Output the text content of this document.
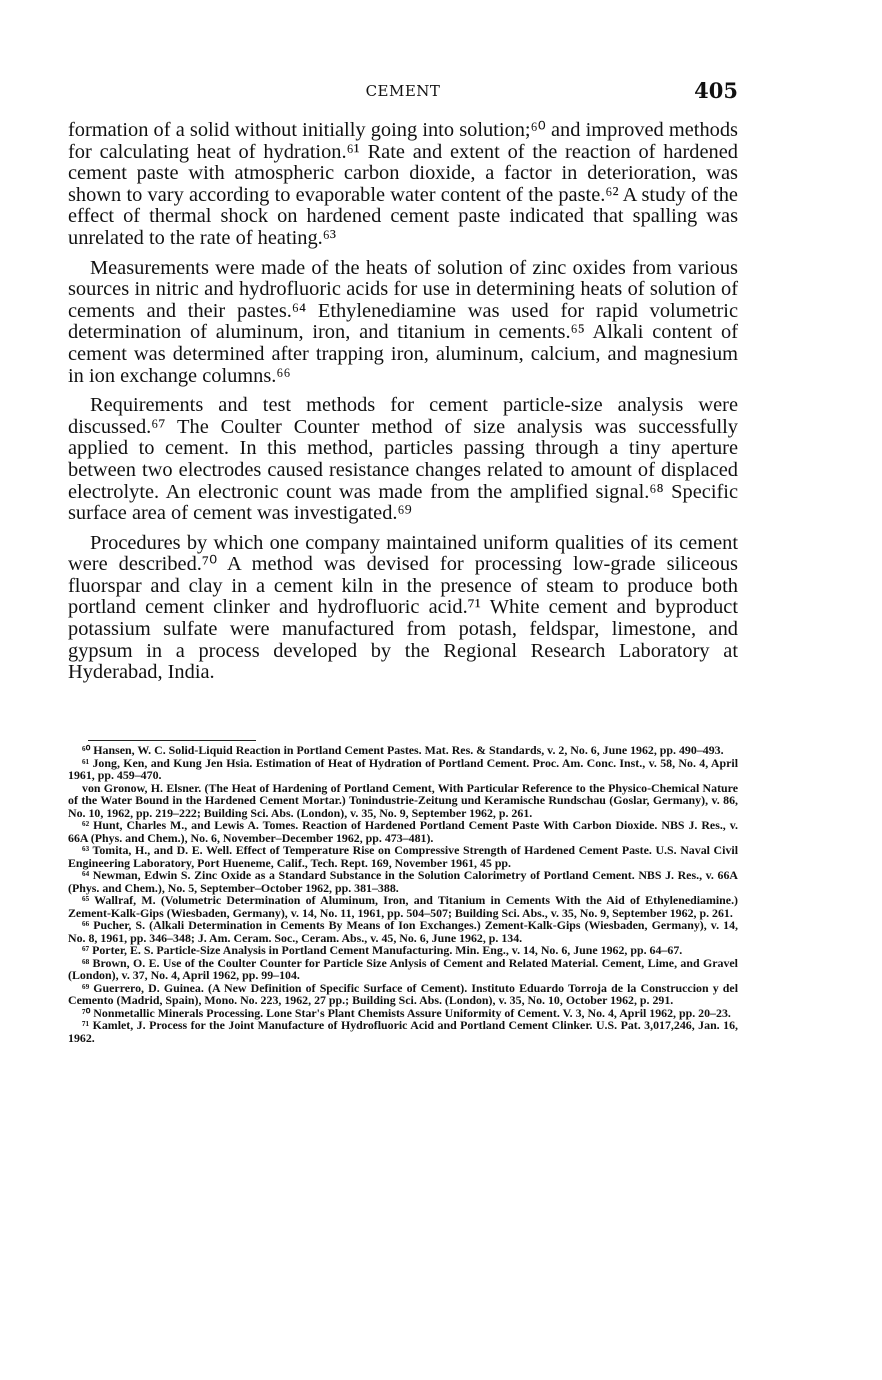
CEMENT	405

formation of a solid without initially going into solution;⁶⁰ and improved methods for calculating heat of hydration.⁶¹ Rate and extent of the reaction of hardened cement paste with atmospheric carbon dioxide, a factor in deterioration, was shown to vary according to evaporable water content of the paste.⁶² A study of the effect of thermal shock on hardened cement paste indicated that spalling was unrelated to the rate of heating.⁶³

Measurements were made of the heats of solution of zinc oxides from various sources in nitric and hydrofluoric acids for use in determining heats of solution of cements and their pastes.⁶⁴ Ethylenediamine was used for rapid volumetric determination of aluminum, iron, and titanium in cements.⁶⁵ Alkali content of cement was determined after trapping iron, aluminum, calcium, and magnesium in ion exchange columns.⁶⁶

Requirements and test methods for cement particle-size analysis were discussed.⁶⁷ The Coulter Counter method of size analysis was successfully applied to cement. In this method, particles passing through a tiny aperture between two electrodes caused resistance changes related to amount of displaced electrolyte. An electronic count was made from the amplified signal.⁶⁸ Specific surface area of cement was investigated.⁶⁹

Procedures by which one company maintained uniform qualities of its cement were described.⁷⁰ A method was devised for processing low-grade siliceous fluorspar and clay in a cement kiln in the presence of steam to produce both portland cement clinker and hydrofluoric acid.⁷¹ White cement and byproduct potassium sulfate were manufactured from potash, feldspar, limestone, and gypsum in a process developed by the Regional Research Laboratory at Hyderabad, India.

⁶⁰ Hansen, W. C. Solid-Liquid Reaction in Portland Cement Pastes. Mat. Res. & Standards, v. 2, No. 6, June 1962, pp. 490–493.

⁶¹ Jong, Ken, and Kung Jen Hsia. Estimation of Heat of Hydration of Portland Cement. Proc. Am. Conc. Inst., v. 58, No. 4, April 1961, pp. 459–470.

von Gronow, H. Elsner. (The Heat of Hardening of Portland Cement, With Particular Reference to the Physico-Chemical Nature of the Water Bound in the Hardened Cement Mortar.) Tonindustrie-Zeitung und Keramische Rundschau (Goslar, Germany), v. 86, No. 10, 1962, pp. 219–222; Building Sci. Abs. (London), v. 35, No. 9, September 1962, p. 261.

⁶² Hunt, Charles M., and Lewis A. Tomes. Reaction of Hardened Portland Cement Paste With Carbon Dioxide. NBS J. Res., v. 66A (Phys. and Chem.), No. 6, November–December 1962, pp. 473–481).

⁶³ Tomita, H., and D. E. Well. Effect of Temperature Rise on Compressive Strength of Hardened Cement Paste. U.S. Naval Civil Engineering Laboratory, Port Hueneme, Calif., Tech. Rept. 169, November 1961, 45 pp.

⁶⁴ Newman, Edwin S. Zinc Oxide as a Standard Substance in the Solution Calorimetry of Portland Cement. NBS J. Res., v. 66A (Phys. and Chem.), No. 5, September–October 1962, pp. 381–388.

⁶⁵ Wallraf, M. (Volumetric Determination of Aluminum, Iron, and Titanium in Cements With the Aid of Ethylenediamine.) Zement-Kalk-Gips (Wiesbaden, Germany), v. 14, No. 11, 1961, pp. 504–507; Building Sci. Abs., v. 35, No. 9, September 1962, p. 261.

⁶⁶ Pucher, S. (Alkali Determination in Cements By Means of Ion Exchanges.) Zement-Kalk-Gips (Wiesbaden, Germany), v. 14, No. 8, 1961, pp. 346–348; J. Am. Ceram. Soc., Ceram. Abs., v. 45, No. 6, June 1962, p. 134.

⁶⁷ Porter, E. S. Particle-Size Analysis in Portland Cement Manufacturing. Min. Eng., v. 14, No. 6, June 1962, pp. 64–67.

⁶⁸ Brown, O. E. Use of the Coulter Counter for Particle Size Anlysis of Cement and Related Material. Cement, Lime, and Gravel (London), v. 37, No. 4, April 1962, pp. 99–104.

⁶⁹ Guerrero, D. Guinea. (A New Definition of Specific Surface of Cement). Instituto Eduardo Torroja de la Construccion y del Cemento (Madrid, Spain), Mono. No. 223, 1962, 27 pp.; Building Sci. Abs. (London), v. 35, No. 10, October 1962, p. 291.

⁷⁰ Nonmetallic Minerals Processing. Lone Star's Plant Chemists Assure Uniformity of Cement. V. 3, No. 4, April 1962, pp. 20–23.

⁷¹ Kamlet, J. Process for the Joint Manufacture of Hydrofluoric Acid and Portland Cement Clinker. U.S. Pat. 3,017,246, Jan. 16, 1962.
